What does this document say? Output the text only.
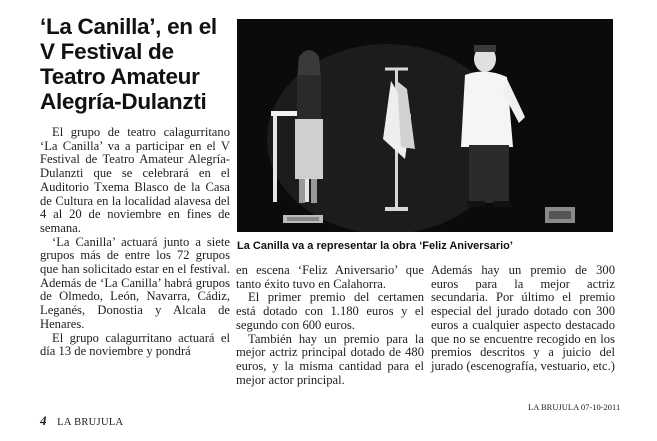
‘La Canilla’, en el V Festival de Teatro Amateur Alegría-Dulanzti

El grupo de teatro calagurritano ‘La Canilla’ va a participar en el V Festival de Teatro Amateur Alegría-Dulanzti que se celebrará en el Auditorio Txema Blasco de la Casa de Cultura en la localidad alavesa del 4 al 20 de noviembre en fines de semana.

‘La Canilla’ actuará junto a siete grupos más de entre los 72 grupos que han solicitado estar en el festival. Además de ‘La Canilla’ habrá grupos de Olmedo, León, Navarra, Cádiz, Leganés, Donostia y Alcala de Henares.

El grupo calagurritano actuará el día 13 de noviembre y pondrá

La Canilla va a representar la obra ‘Feliz Aniversario’

en escena ‘Feliz Aniversario’ que tanto éxito tuvo en Calahorra.

El primer premio del certamen está dotado con 1.180 euros y el segundo con 600 euros.

También hay un premio para la mejor actriz principal dotado de 480 euros, y la misma cantidad para el mejor actor principal.

Además hay un premio de 300 euros para la mejor actriz secundaria. Por último el premio especial del jurado dotado con 300 euros a cualquier aspecto destacado que no se encuentre recogido en los premios descritos y a juicio del jurado (escenografía, vestuario, etc.)

LA BRUJULA 07-10-2011
4 LA BRUJULA
